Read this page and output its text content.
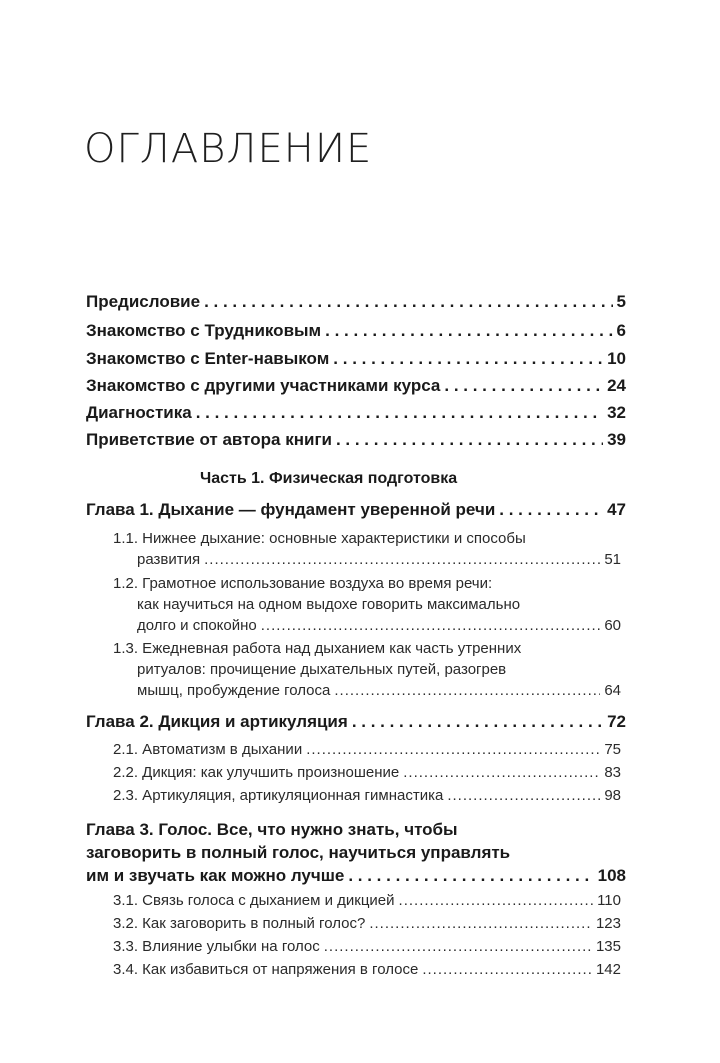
ОГЛАВЛЕНИЕ
Предисловие . . .	5
Знакомство с Трудниковым . . .	6
Знакомство с Enter-навыком . . .	10
Знакомство с другими участниками курса . . .	24
Диагностика . . .	32
Приветствие от автора книги . . .	39
Часть 1. Физическая подготовка
Глава 1. Дыхание — фундамент уверенной речи . . .	47
1.1. Нижнее дыхание: основные характеристики и способы
развития .....	51
1.2. Грамотное использование воздуха во время речи:
как научиться на одном выдохе говорить максимально
долго и спокойно .....	60
1.3. Ежедневная работа над дыханием как часть утренних
ритуалов: прочищение дыхательных путей, разогрев
мышц, пробуждение голоса .....	64
Глава 2. Дикция и артикуляция . . .	72
2.1. Автоматизм в дыхании .....	75
2.2. Дикция: как улучшить произношение .....	83
2.3. Артикуляция, артикуляционная гимнастика .....	98
Глава 3. Голос. Все, что нужно знать, чтобы
заговорить в полный голос, научиться управлять
им и звучать как можно лучше . . .	108
3.1. Связь голоса с дыханием и дикцией .....	110
3.2. Как заговорить в полный голос? .....	123
3.3. Влияние улыбки на голос .....	135
3.4. Как избавиться от напряжения в голосе .....	142
